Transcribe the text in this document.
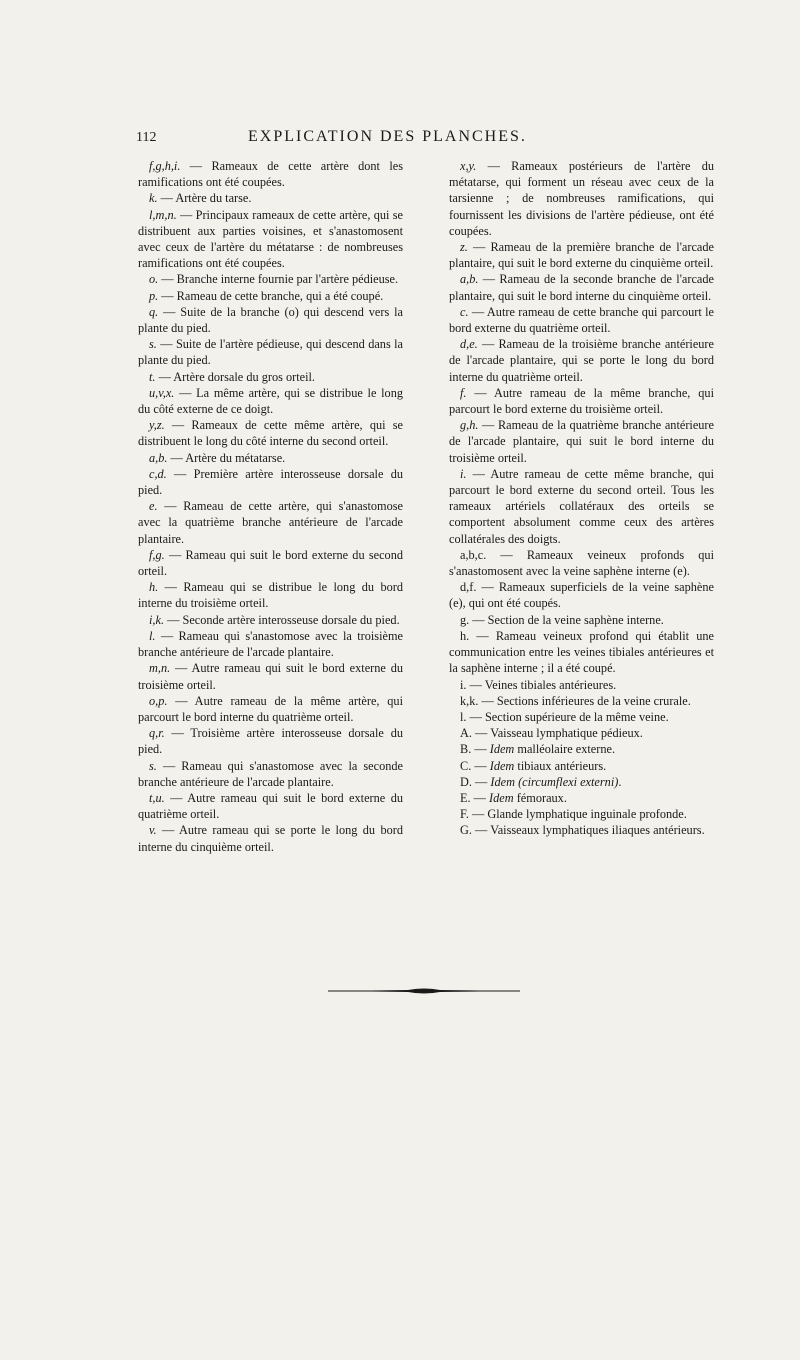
112	EXPLICATION DES PLANCHES.

f,g,h,i. — Rameaux de cette artère dont les ramifications ont été coupées.

k. — Artère du tarse.

l,m,n. — Principaux rameaux de cette artère, qui se distribuent aux parties voisines, et s'anastomosent avec ceux de l'artère du métatarse : de nombreuses ramifications ont été coupées.

o. — Branche interne fournie par l'artère pédieuse.

p. — Rameau de cette branche, qui a été coupé.

q. — Suite de la branche (o) qui descend vers la plante du pied.

s. — Suite de l'artère pédieuse, qui descend dans la plante du pied.

t. — Artère dorsale du gros orteil.

u,v,x. — La même artère, qui se distribue le long du côté externe de ce doigt.

y,z. — Rameaux de cette même artère, qui se distribuent le long du côté interne du second orteil.

a,b. — Artère du métatarse.

c,d. — Première artère interosseuse dorsale du pied.

e. — Rameau de cette artère, qui s'anastomose avec la quatrième branche antérieure de l'arcade plantaire.

f,g. — Rameau qui suit le bord externe du second orteil.

h. — Rameau qui se distribue le long du bord interne du troisième orteil.

i,k. — Seconde artère interosseuse dorsale du pied.

l. — Rameau qui s'anastomose avec la troisième branche antérieure de l'arcade plantaire.

m,n. — Autre rameau qui suit le bord externe du troisième orteil.

o,p. — Autre rameau de la même artère, qui parcourt le bord interne du quatrième orteil.

q,r. — Troisième artère interosseuse dorsale du pied.

s. — Rameau qui s'anastomose avec la seconde branche antérieure de l'arcade plantaire.

t,u. — Autre rameau qui suit le bord externe du quatrième orteil.

v. — Autre rameau qui se porte le long du bord interne du cinquième orteil.

x,y. — Rameaux postérieurs de l'artère du métatarse, qui forment un réseau avec ceux de la tarsienne ; de nombreuses ramifications, qui fournissent les divisions de l'artère pédieuse, ont été coupées.

z. — Rameau de la première branche de l'arcade plantaire, qui suit le bord externe du cinquième orteil.

a,b. — Rameau de la seconde branche de l'arcade plantaire, qui suit le bord interne du cinquième orteil.

c. — Autre rameau de cette branche qui parcourt le bord externe du quatrième orteil.

d,e. — Rameau de la troisième branche antérieure de l'arcade plantaire, qui se porte le long du bord interne du quatrième orteil.

f. — Autre rameau de la même branche, qui parcourt le bord externe du troisième orteil.

g,h. — Rameau de la quatrième branche antérieure de l'arcade plantaire, qui suit le bord interne du troisième orteil.

i. — Autre rameau de cette même branche, qui parcourt le bord externe du second orteil. Tous les rameaux artériels collatéraux des orteils se comportent absolument comme ceux des artères collatérales des doigts.

a,b,c. — Rameaux veineux profonds qui s'anastomosent avec la veine saphène interne (e).

d,f. — Rameaux superficiels de la veine saphène (e), qui ont été coupés.

g. — Section de la veine saphène interne.

h. — Rameau veineux profond qui établit une communication entre les veines tibiales antérieures et la saphène interne ; il a été coupé.

i. — Veines tibiales antérieures.

k,k. — Sections inférieures de la veine crurale.

l. — Section supérieure de la même veine.

A. — Vaisseau lymphatique pédieux.

B. — Idem malléolaire externe.

C. — Idem tibiaux antérieurs.

D. — Idem (circumflexi externi).

E. — Idem fémoraux.

F. — Glande lymphatique inguinale profonde.

G. — Vaisseaux lymphatiques iliaques antérieurs.
